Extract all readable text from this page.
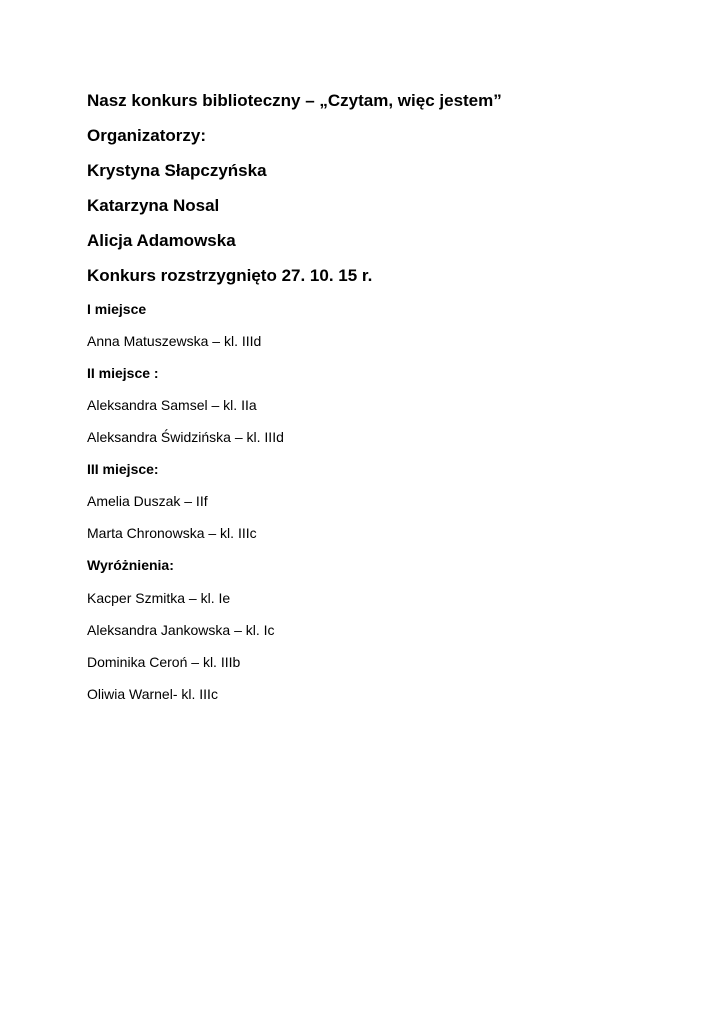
Nasz konkurs biblioteczny – „Czytam, więc jestem”
Organizatorzy:
Krystyna Słapczyńska
Katarzyna Nosal
Alicja Adamowska
Konkurs rozstrzygnięto 27. 10. 15 r.
I miejsce
Anna Matuszewska – kl. IIId
II miejsce :
Aleksandra Samsel – kl. IIa
Aleksandra Świdzińska – kl. IIId
III miejsce:
Amelia Duszak – IIf
Marta Chronowska – kl. IIIc
Wyróżnienia:
Kacper Szmitka – kl. Ie
Aleksandra Jankowska – kl. Ic
Dominika Ceroń – kl. IIIb
Oliwia Warnel- kl. IIIc
